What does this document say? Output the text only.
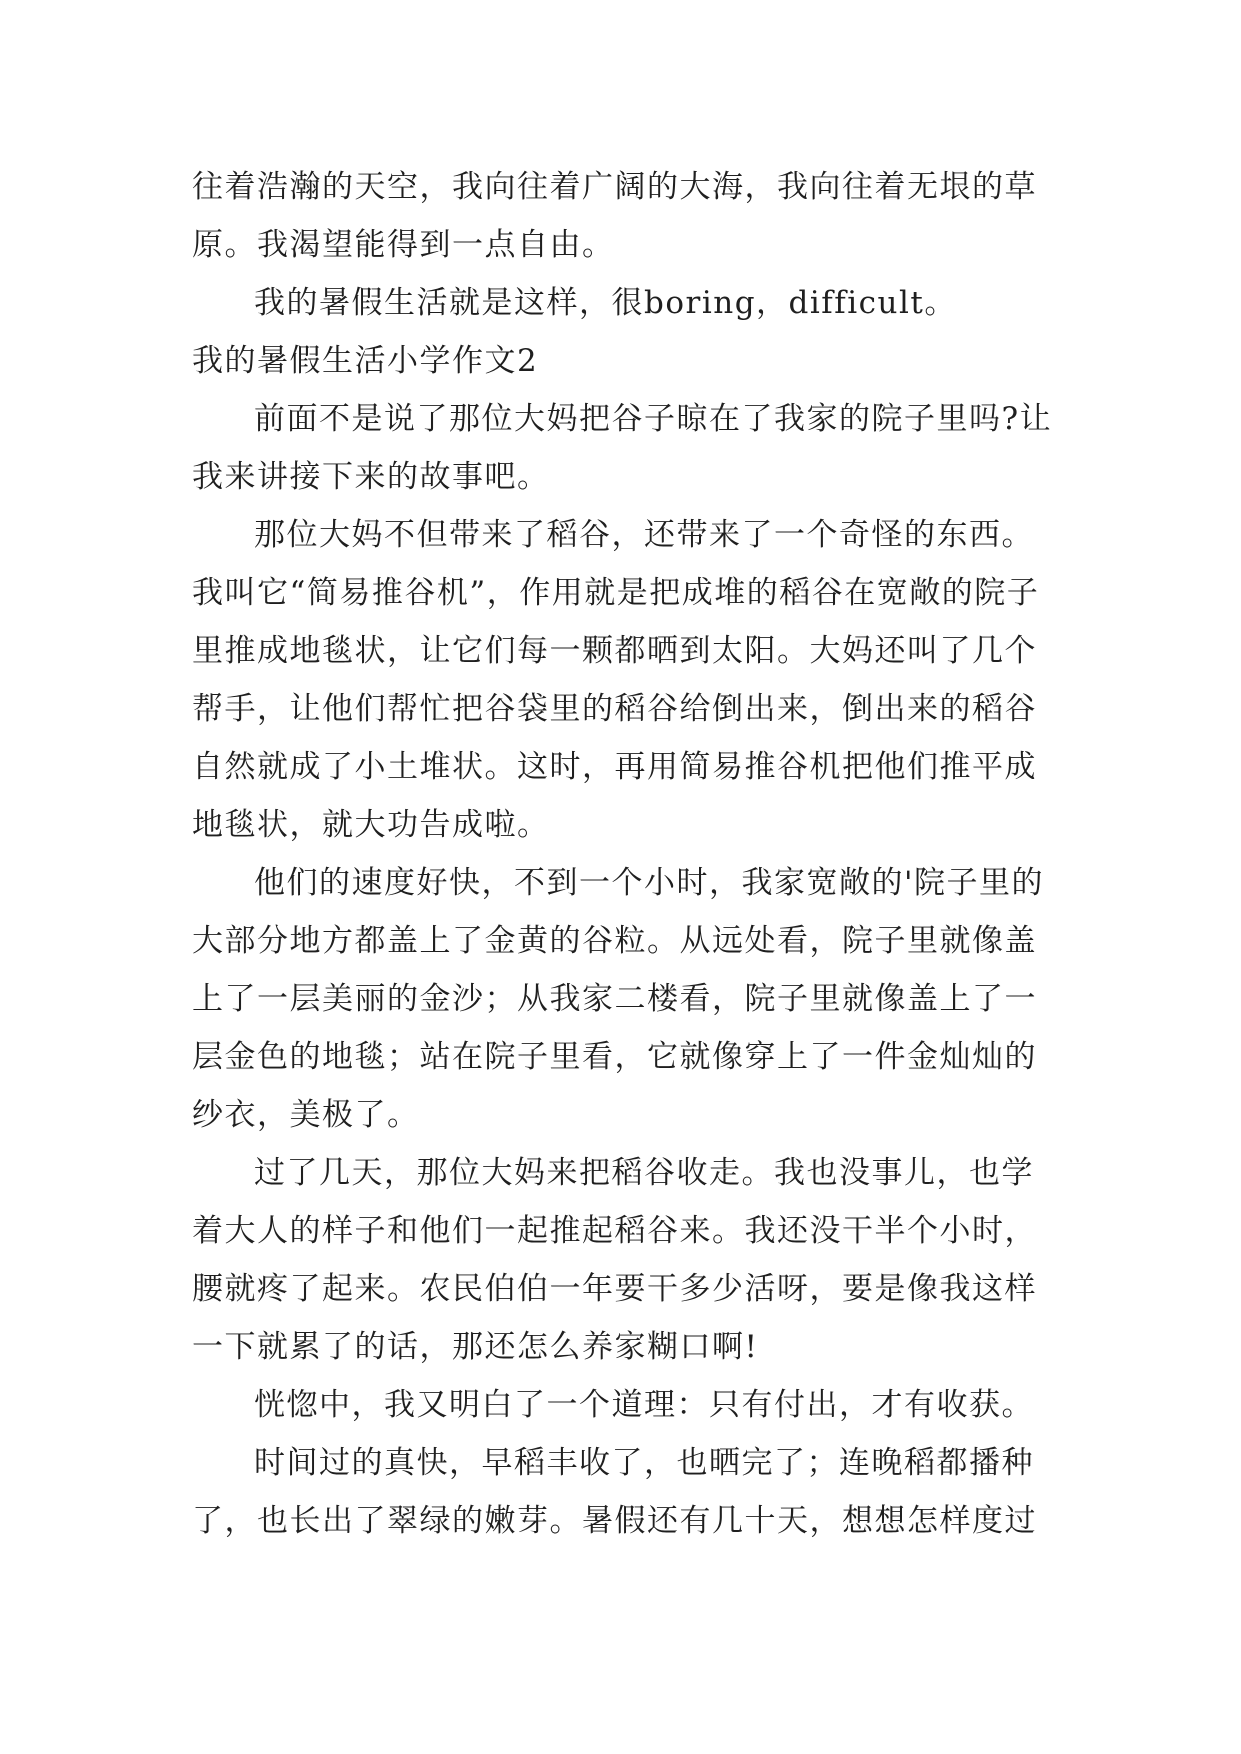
往着浩瀚的天空，我向往着广阔的大海，我向往着无垠的草原。我渴望能得到一点自由。

我的暑假生活就是这样，很boring，difficult。

我的暑假生活小学作文2

前面不是说了那位大妈把谷子晾在了我家的院子里吗?让我来讲接下来的故事吧。

那位大妈不但带来了稻谷，还带来了一个奇怪的东西。我叫它“简易推谷机”，作用就是把成堆的稻谷在宽敞的院子里推成地毯状，让它们每一颗都晒到太阳。大妈还叫了几个帮手，让他们帮忙把谷袋里的稻谷给倒出来，倒出来的稻谷自然就成了小土堆状。这时，再用简易推谷机把他们推平成地毯状，就大功告成啦。

他们的速度好快，不到一个小时，我家宽敞的'院子里的大部分地方都盖上了金黄的谷粒。从远处看，院子里就像盖上了一层美丽的金沙；从我家二楼看，院子里就像盖上了一层金色的地毯；站在院子里看，它就像穿上了一件金灿灿的纱衣，美极了。

过了几天，那位大妈来把稻谷收走。我也没事儿，也学着大人的样子和他们一起推起稻谷来。我还没干半个小时，腰就疼了起来。农民伯伯一年要干多少活呀，要是像我这样一下就累了的话，那还怎么养家糊口啊!

恍惚中，我又明白了一个道理：只有付出，才有收获。

时间过的真快，早稻丰收了，也晒完了；连晚稻都播种了，也长出了翠绿的嫩芽。暑假还有几十天，想想怎样度过
